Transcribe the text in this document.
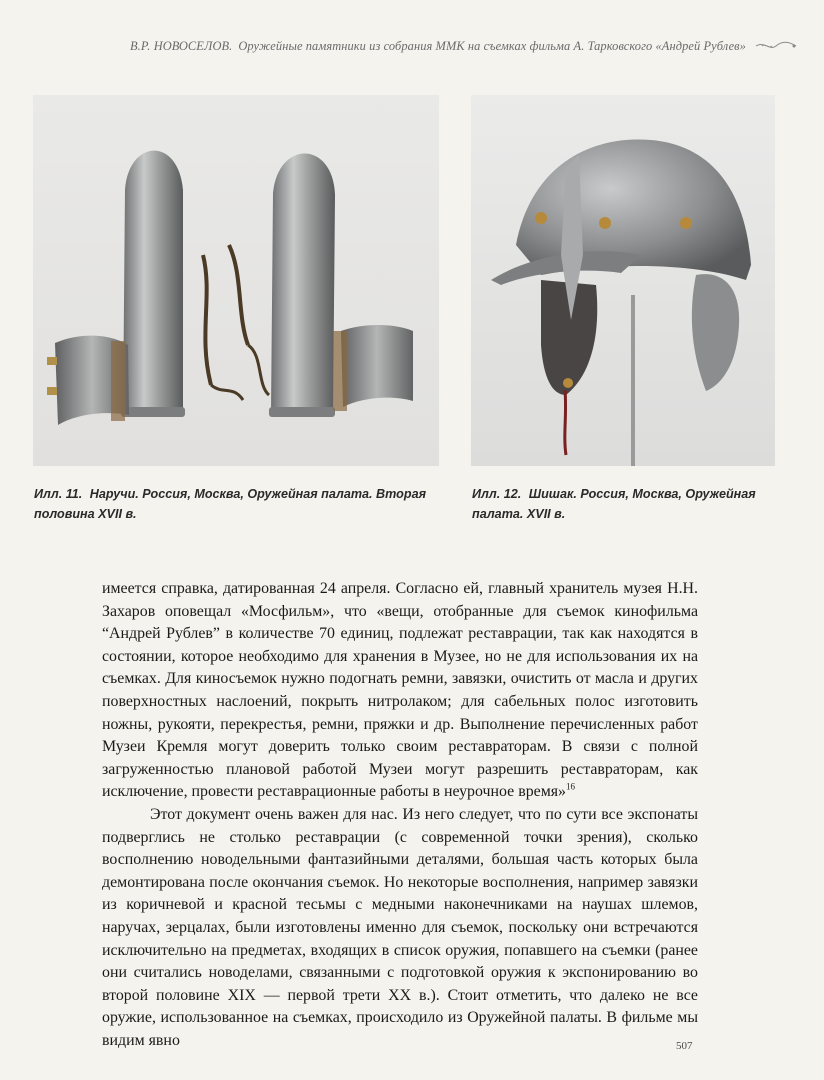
В.Р. НОВОСЕЛОВ. Оружейные памятники из собрания ММК на съемках фильма А. Тарковского «Андрей Рублев»
Илл. 11. Наручи. Россия, Москва, Оружейная палата. Вторая половина XVII в.
Илл. 12. Шишак. Россия, Москва, Оружейная палата. XVII в.

имеется справка, датированная 24 апреля. Согласно ей, главный хранитель музея Н.Н. Захаров оповещал «Мосфильм», что «вещи, отобранные для съемок кинофильма “Андрей Рублев” в количестве 70 единиц, подлежат реставрации, так как находятся в состоянии, которое необходимо для хранения в Музее, но не для использования их на съемках. Для киносъемок нужно подогнать ремни, завязки, очистить от масла и других поверхностных наслоений, покрыть нитролаком; для сабельных полос изготовить ножны, рукояти, перекрестья, ремни, пряжки и др. Выполнение перечисленных работ Музеи Кремля могут доверить только своим реставраторам. В связи с полной загруженностью плановой работой Музеи могут разрешить реставраторам, как исключение, провести реставрационные работы в неурочное время»$^{16}$

Этот документ очень важен для нас. Из него следует, что по сути все экспонаты подверглись не столько реставрации (с современной точки зрения), сколько восполнению новодельными фантазийными деталями, большая часть которых была демонтирована после окончания съемок. Но некоторые восполнения, например завязки из коричневой и красной тесьмы с медными наконечниками на наушах шлемов, наручах, зерцалах, были изготовлены именно для съемок, поскольку они встречаются исключительно на предметах, входящих в список оружия, попавшего на съемки (ранее они считались новоделами, связанными с подготовкой оружия к экспонированию во второй половине XIX — первой трети XX в.). Стоит отметить, что далеко не все оружие, использованное на съемках, происходило из Оружейной палаты. В фильме мы видим явно	507
